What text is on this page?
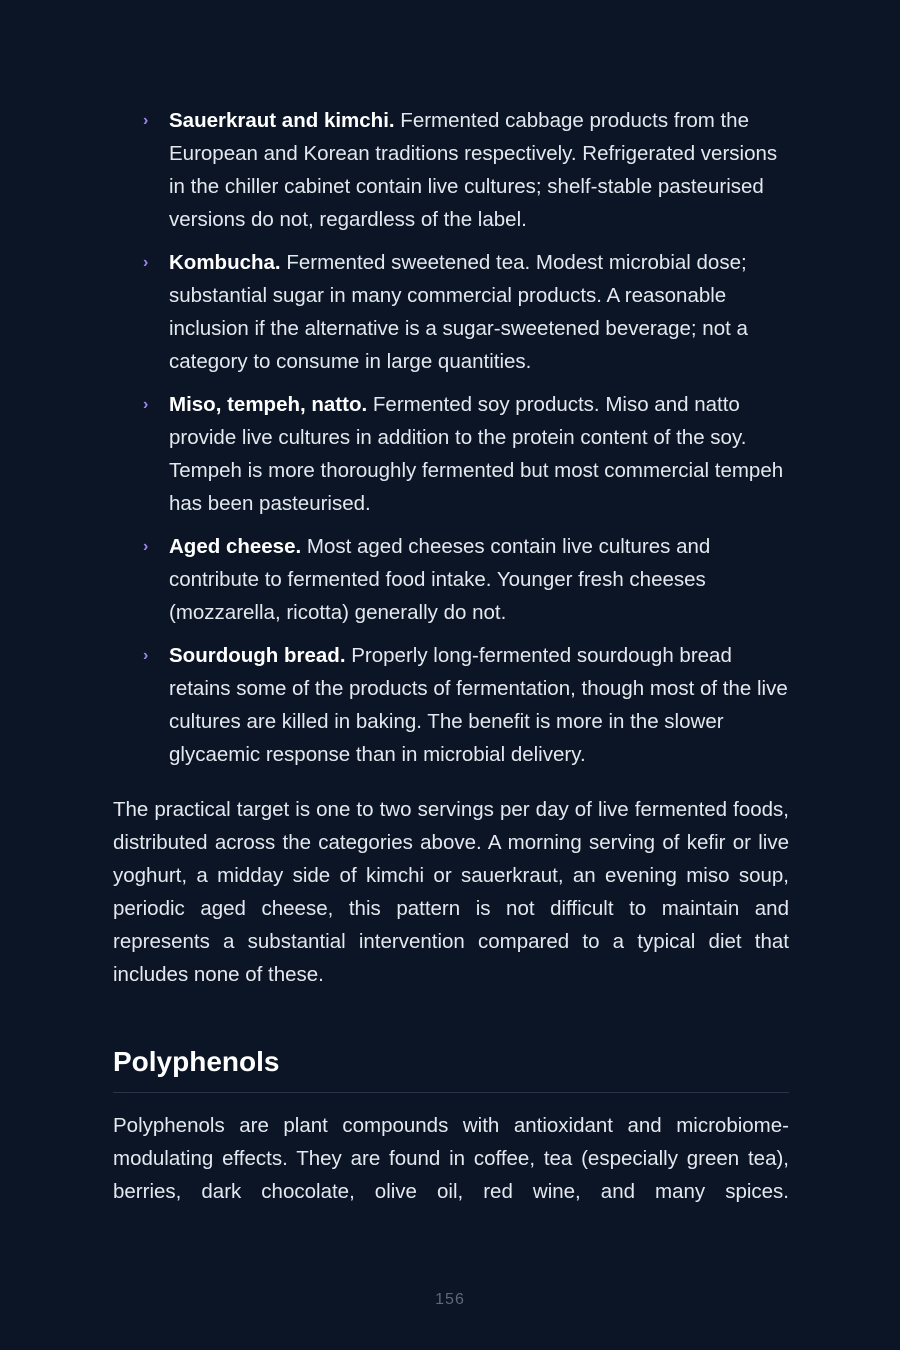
› Sauerkraut and kimchi. Fermented cabbage products from the European and Korean traditions respectively. Refrigerated versions in the chiller cabinet contain live cultures; shelf-stable pasteurised versions do not, regardless of the label.
› Kombucha. Fermented sweetened tea. Modest microbial dose; substantial sugar in many commercial products. A reasonable inclusion if the alternative is a sugar-sweetened beverage; not a category to consume in large quantities.
› Miso, tempeh, natto. Fermented soy products. Miso and natto provide live cultures in addition to the protein content of the soy. Tempeh is more thoroughly fermented but most commercial tempeh has been pasteurised.
› Aged cheese. Most aged cheeses contain live cultures and contribute to fermented food intake. Younger fresh cheeses (mozzarella, ricotta) generally do not.
› Sourdough bread. Properly long-fermented sourdough bread retains some of the products of fermentation, though most of the live cultures are killed in baking. The benefit is more in the slower glycaemic response than in microbial delivery.

The practical target is one to two servings per day of live fermented foods, distributed across the categories above. A morning serving of kefir or live yoghurt, a midday side of kimchi or sauerkraut, an evening miso soup, periodic aged cheese, this pattern is not difficult to maintain and represents a substantial intervention compared to a typical diet that includes none of these.

Polyphenols

Polyphenols are plant compounds with antioxidant and microbiome-modulating effects. They are found in coffee, tea (especially green tea), berries, dark chocolate, olive oil, red wine, and many spices.

156
